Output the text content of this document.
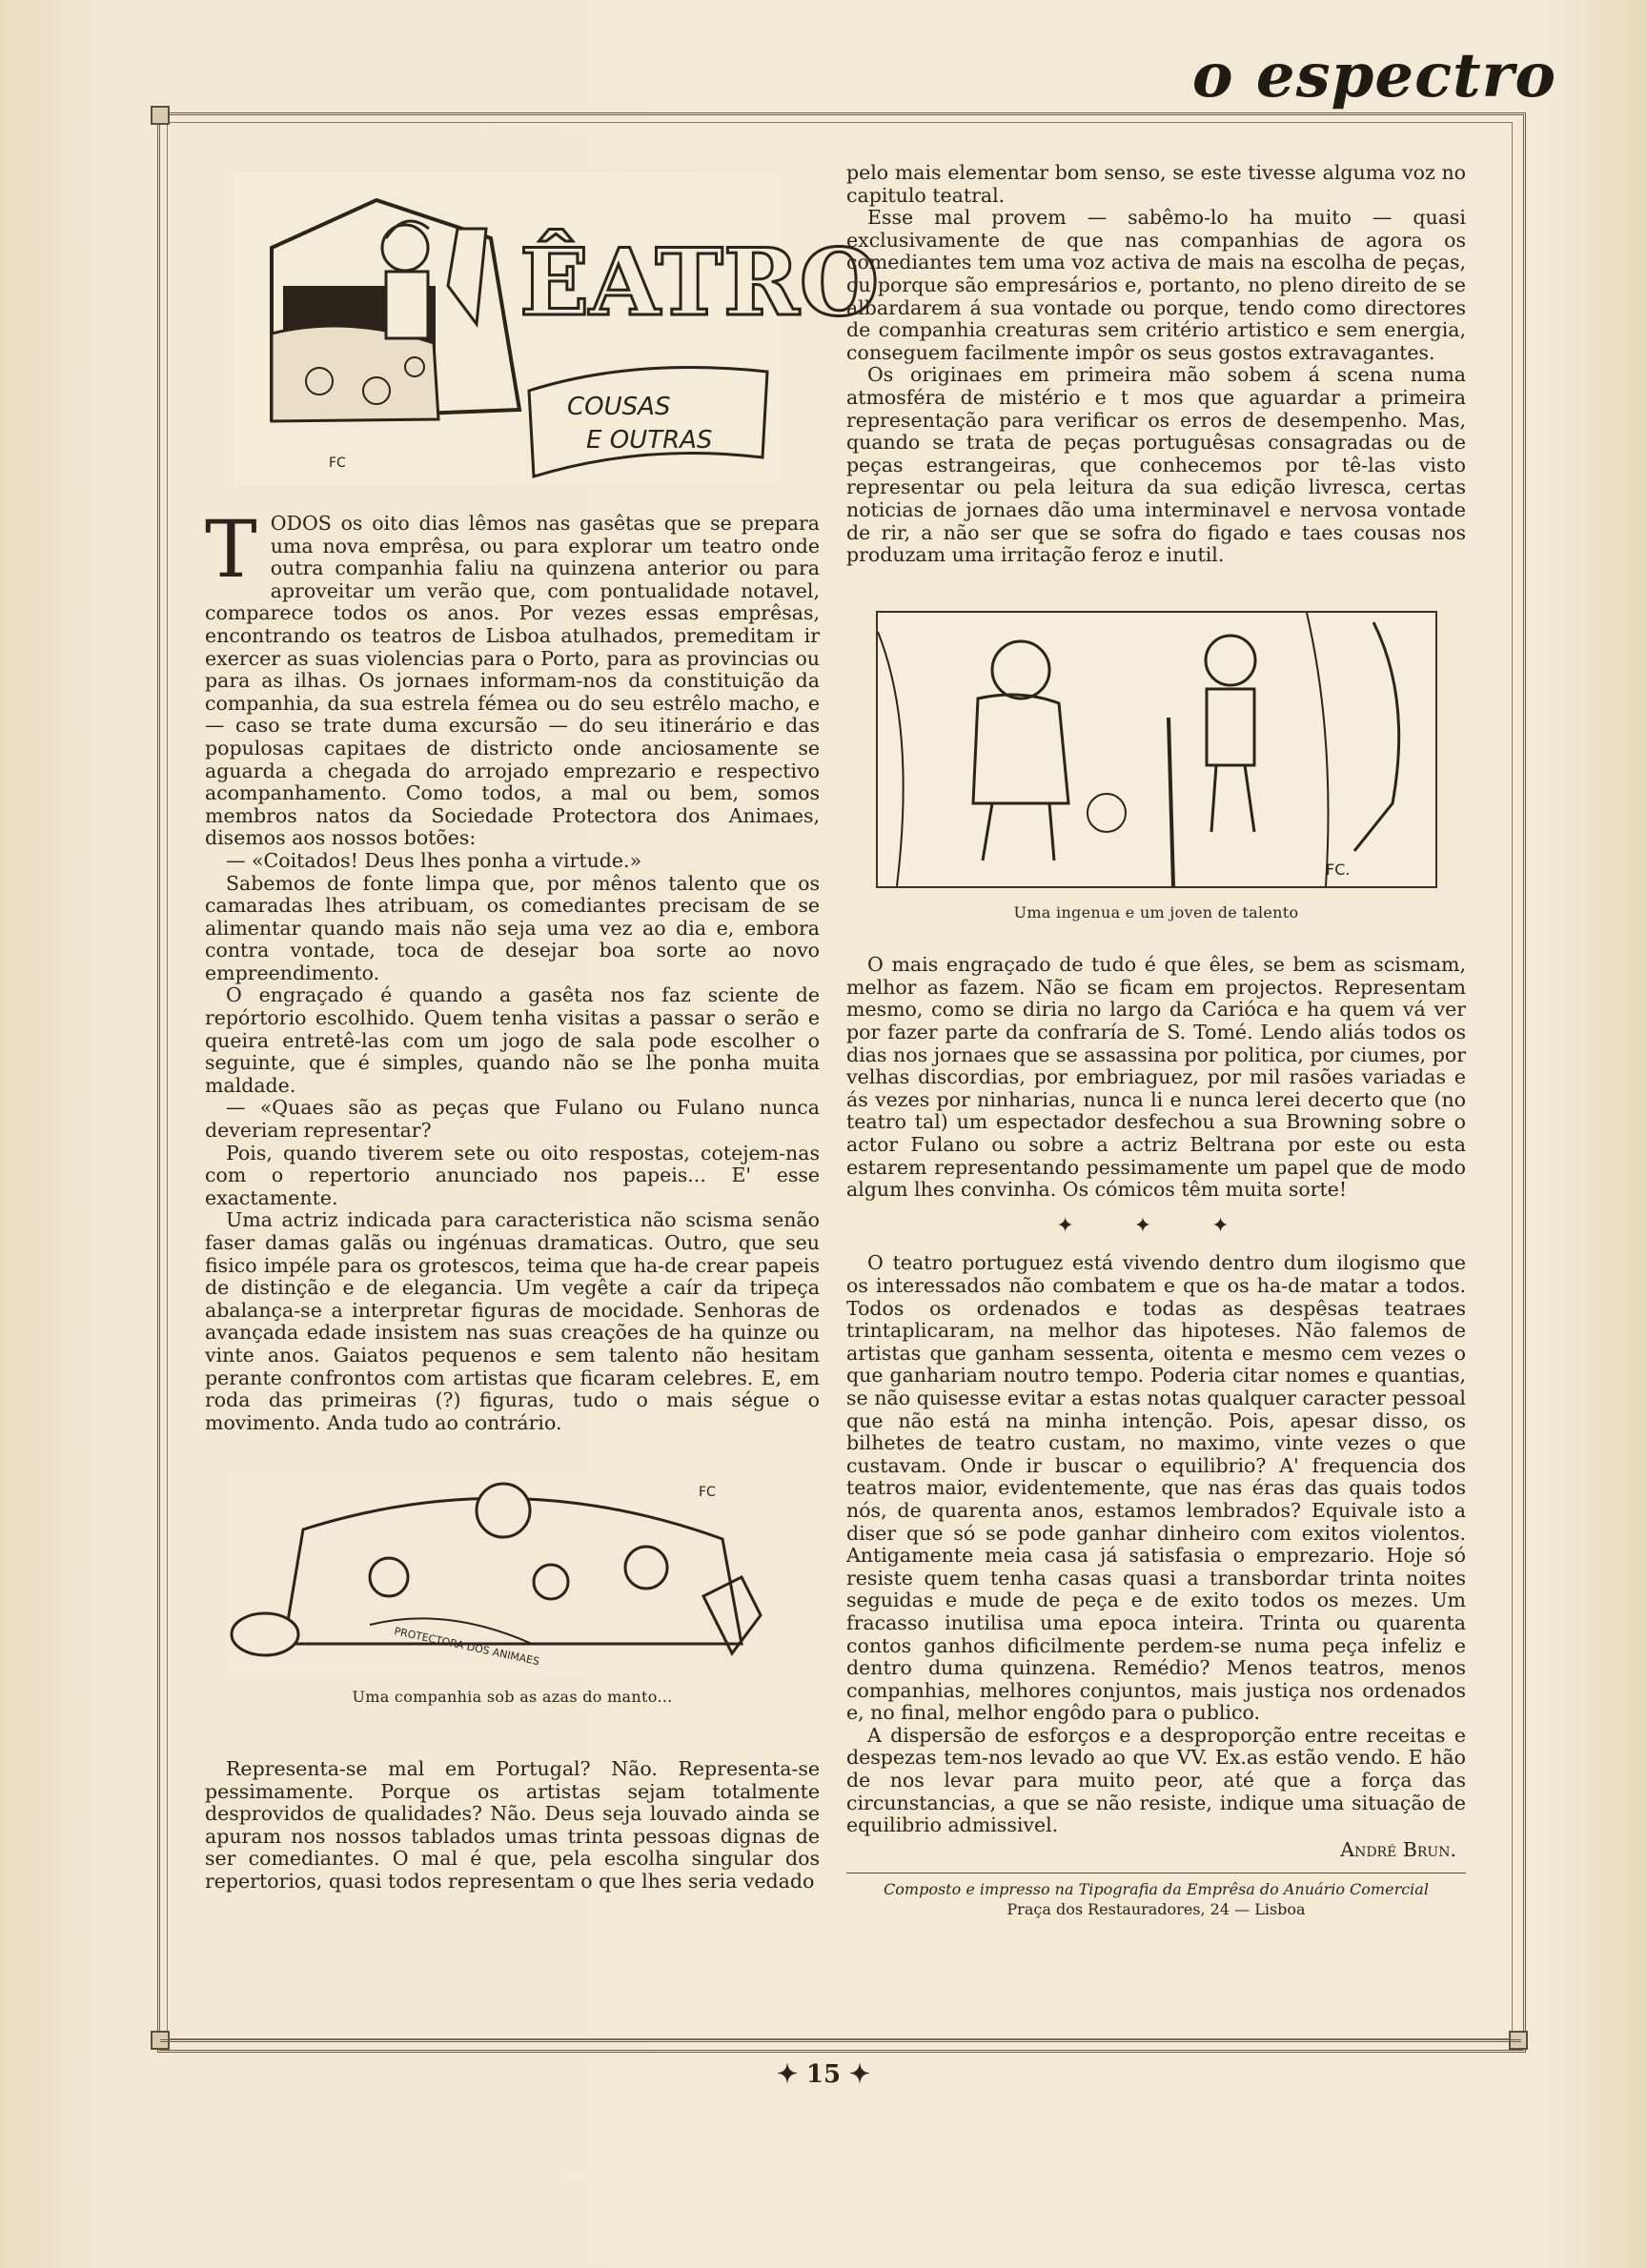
o espectro
ÊATRO
COUSAS
E OUTRAS
FC

TODOS os oito dias lêmos nas gasêtas que se prepara uma nova emprêsa, ou para explorar um teatro onde outra companhia faliu na quinzena anterior ou para aproveitar um verão que, com pontualidade notavel, comparece todos os anos. Por vezes essas emprêsas, encontrando os teatros de Lisboa atulhados, premeditam ir exercer as suas violencias para o Porto, para as provincias ou para as ilhas. Os jornaes informam-nos da constituição da companhia, da sua estrela fémea ou do seu estrêlo macho, e — caso se trate duma excursão — do seu itinerário e das populosas capitaes de districto onde anciosamente se aguarda a chegada do arrojado emprezario e respectivo acompanhamento. Como todos, a mal ou bem, somos membros natos da Sociedade Protectora dos Animaes, disemos aos nossos botões:

— «Coitados! Deus lhes ponha a virtude.»

Sabemos de fonte limpa que, por mênos talento que os camaradas lhes atribuam, os comediantes precisam de se alimentar quando mais não seja uma vez ao dia e, embora contra vontade, toca de desejar boa sorte ao novo empreendimento.

O engraçado é quando a gasêta nos faz sciente de repórtorio escolhido. Quem tenha visitas a passar o serão e queira entretê-las com um jogo de sala pode escolher o seguinte, que é simples, quando não se lhe ponha muita maldade.

— «Quaes são as peças que Fulano ou Fulano nunca deveriam representar?

Pois, quando tiverem sete ou oito respostas, cotejem-nas com o repertorio anunciado nos papeis... E' esse exactamente.

Uma actriz indicada para caracteristica não scisma senão faser damas galãs ou ingénuas dramaticas. Outro, que seu fisico impéle para os grotescos, teima que ha-de crear papeis de distinção e de elegancia. Um vegête a caír da tripeça abalança-se a interpretar figuras de mocidade. Senhoras de avançada edade insistem nas suas creações de ha quinze ou vinte anos. Gaiatos pequenos e sem talento não hesitam perante confrontos com artistas que ficaram celebres. E, em roda das primeiras (?) figuras, tudo o mais ségue o movimento. Anda tudo ao contrário.

PROTECTORA DOS ANIMAES
FC
Uma companhia sob as azas do manto...

Representa-se mal em Portugal? Não. Representa-se pessimamente. Porque os artistas sejam totalmente desprovidos de qualidades? Não. Deus seja louvado ainda se apuram nos nossos tablados umas trinta pessoas dignas de ser comediantes. O mal é que, pela escolha singular dos repertorios, quasi todos representam o que lhes seria vedado

pelo mais elementar bom senso, se este tivesse alguma voz no capitulo teatral.

Esse mal provem — sabêmo-lo ha muito — quasi exclusivamente de que nas companhias de agora os comediantes tem uma voz activa de mais na escolha de peças, ou porque são empresários e, portanto, no pleno direito de se albardarem á sua vontade ou porque, tendo como directores de companhia creaturas sem critério artistico e sem energia, conseguem facilmente impôr os seus gostos extravagantes.

Os originaes em primeira mão sobem á scena numa atmosféra de mistério e t mos que aguardar a primeira representação para verificar os erros de desempenho. Mas, quando se trata de peças portuguêsas consagradas ou de peças estrangeiras, que conhecemos por tê-las visto representar ou pela leitura da sua edição livresca, certas noticias de jornaes dão uma interminavel e nervosa vontade de rir, a não ser que se sofra do figado e taes cousas nos produzam uma irritação feroz e inutil.

FC.
Uma ingenua e um joven de talento

O mais engraçado de tudo é que êles, se bem as scismam, melhor as fazem. Não se ficam em projectos. Representam mesmo, como se diria no largo da Carióca e ha quem vá ver por fazer parte da confraría de S. Tomé. Lendo aliás todos os dias nos jornaes que se assassina por politica, por ciumes, por velhas discordias, por embriaguez, por mil rasões variadas e ás vezes por ninharias, nunca li e nunca lerei decerto que (no teatro tal) um espectador desfechou a sua Browning sobre o actor Fulano ou sobre a actriz Beltrana por este ou esta estarem representando pessimamente um papel que de modo algum lhes convinha. Os cómicos têm muita sorte!

✦ ✦ ✦

O teatro portuguez está vivendo dentro dum ilogismo que os interessados não combatem e que os ha-de matar a todos. Todos os ordenados e todas as despêsas teatraes trintaplicaram, na melhor das hipoteses. Não falemos de artistas que ganham sessenta, oitenta e mesmo cem vezes o que ganhariam noutro tempo. Poderia citar nomes e quantias, se não quisesse evitar a estas notas qualquer caracter pessoal que não está na minha intenção. Pois, apesar disso, os bilhetes de teatro custam, no maximo, vinte vezes o que custavam. Onde ir buscar o equilibrio? A' frequencia dos teatros maior, evidentemente, que nas éras das quais todos nós, de quarenta anos, estamos lembrados? Equivale isto a diser que só se pode ganhar dinheiro com exitos violentos. Antigamente meia casa já satisfasia o emprezario. Hoje só resiste quem tenha casas quasi a transbordar trinta noites seguidas e mude de peça e de exito todos os mezes. Um fracasso inutilisa uma epoca inteira. Trinta ou quarenta contos ganhos dificilmente perdem-se numa peça infeliz e dentro duma quinzena. Remédio? Menos teatros, menos companhias, melhores conjuntos, mais justiça nos ordenados e, no final, melhor engôdo para o publico.

A dispersão de esforços e a desproporção entre receitas e despezas tem-nos levado ao que VV. Ex.as estão vendo. E hão de nos levar para muito peor, até que a força das circunstancias, a que se não resiste, indique uma situação de equilibrio admissivel.

André Brun.
Composto e impresso na Tipografia da Emprêsa do Anuário Comercial
Praça dos Restauradores, 24 — Lisboa
✦ 15 ✦
